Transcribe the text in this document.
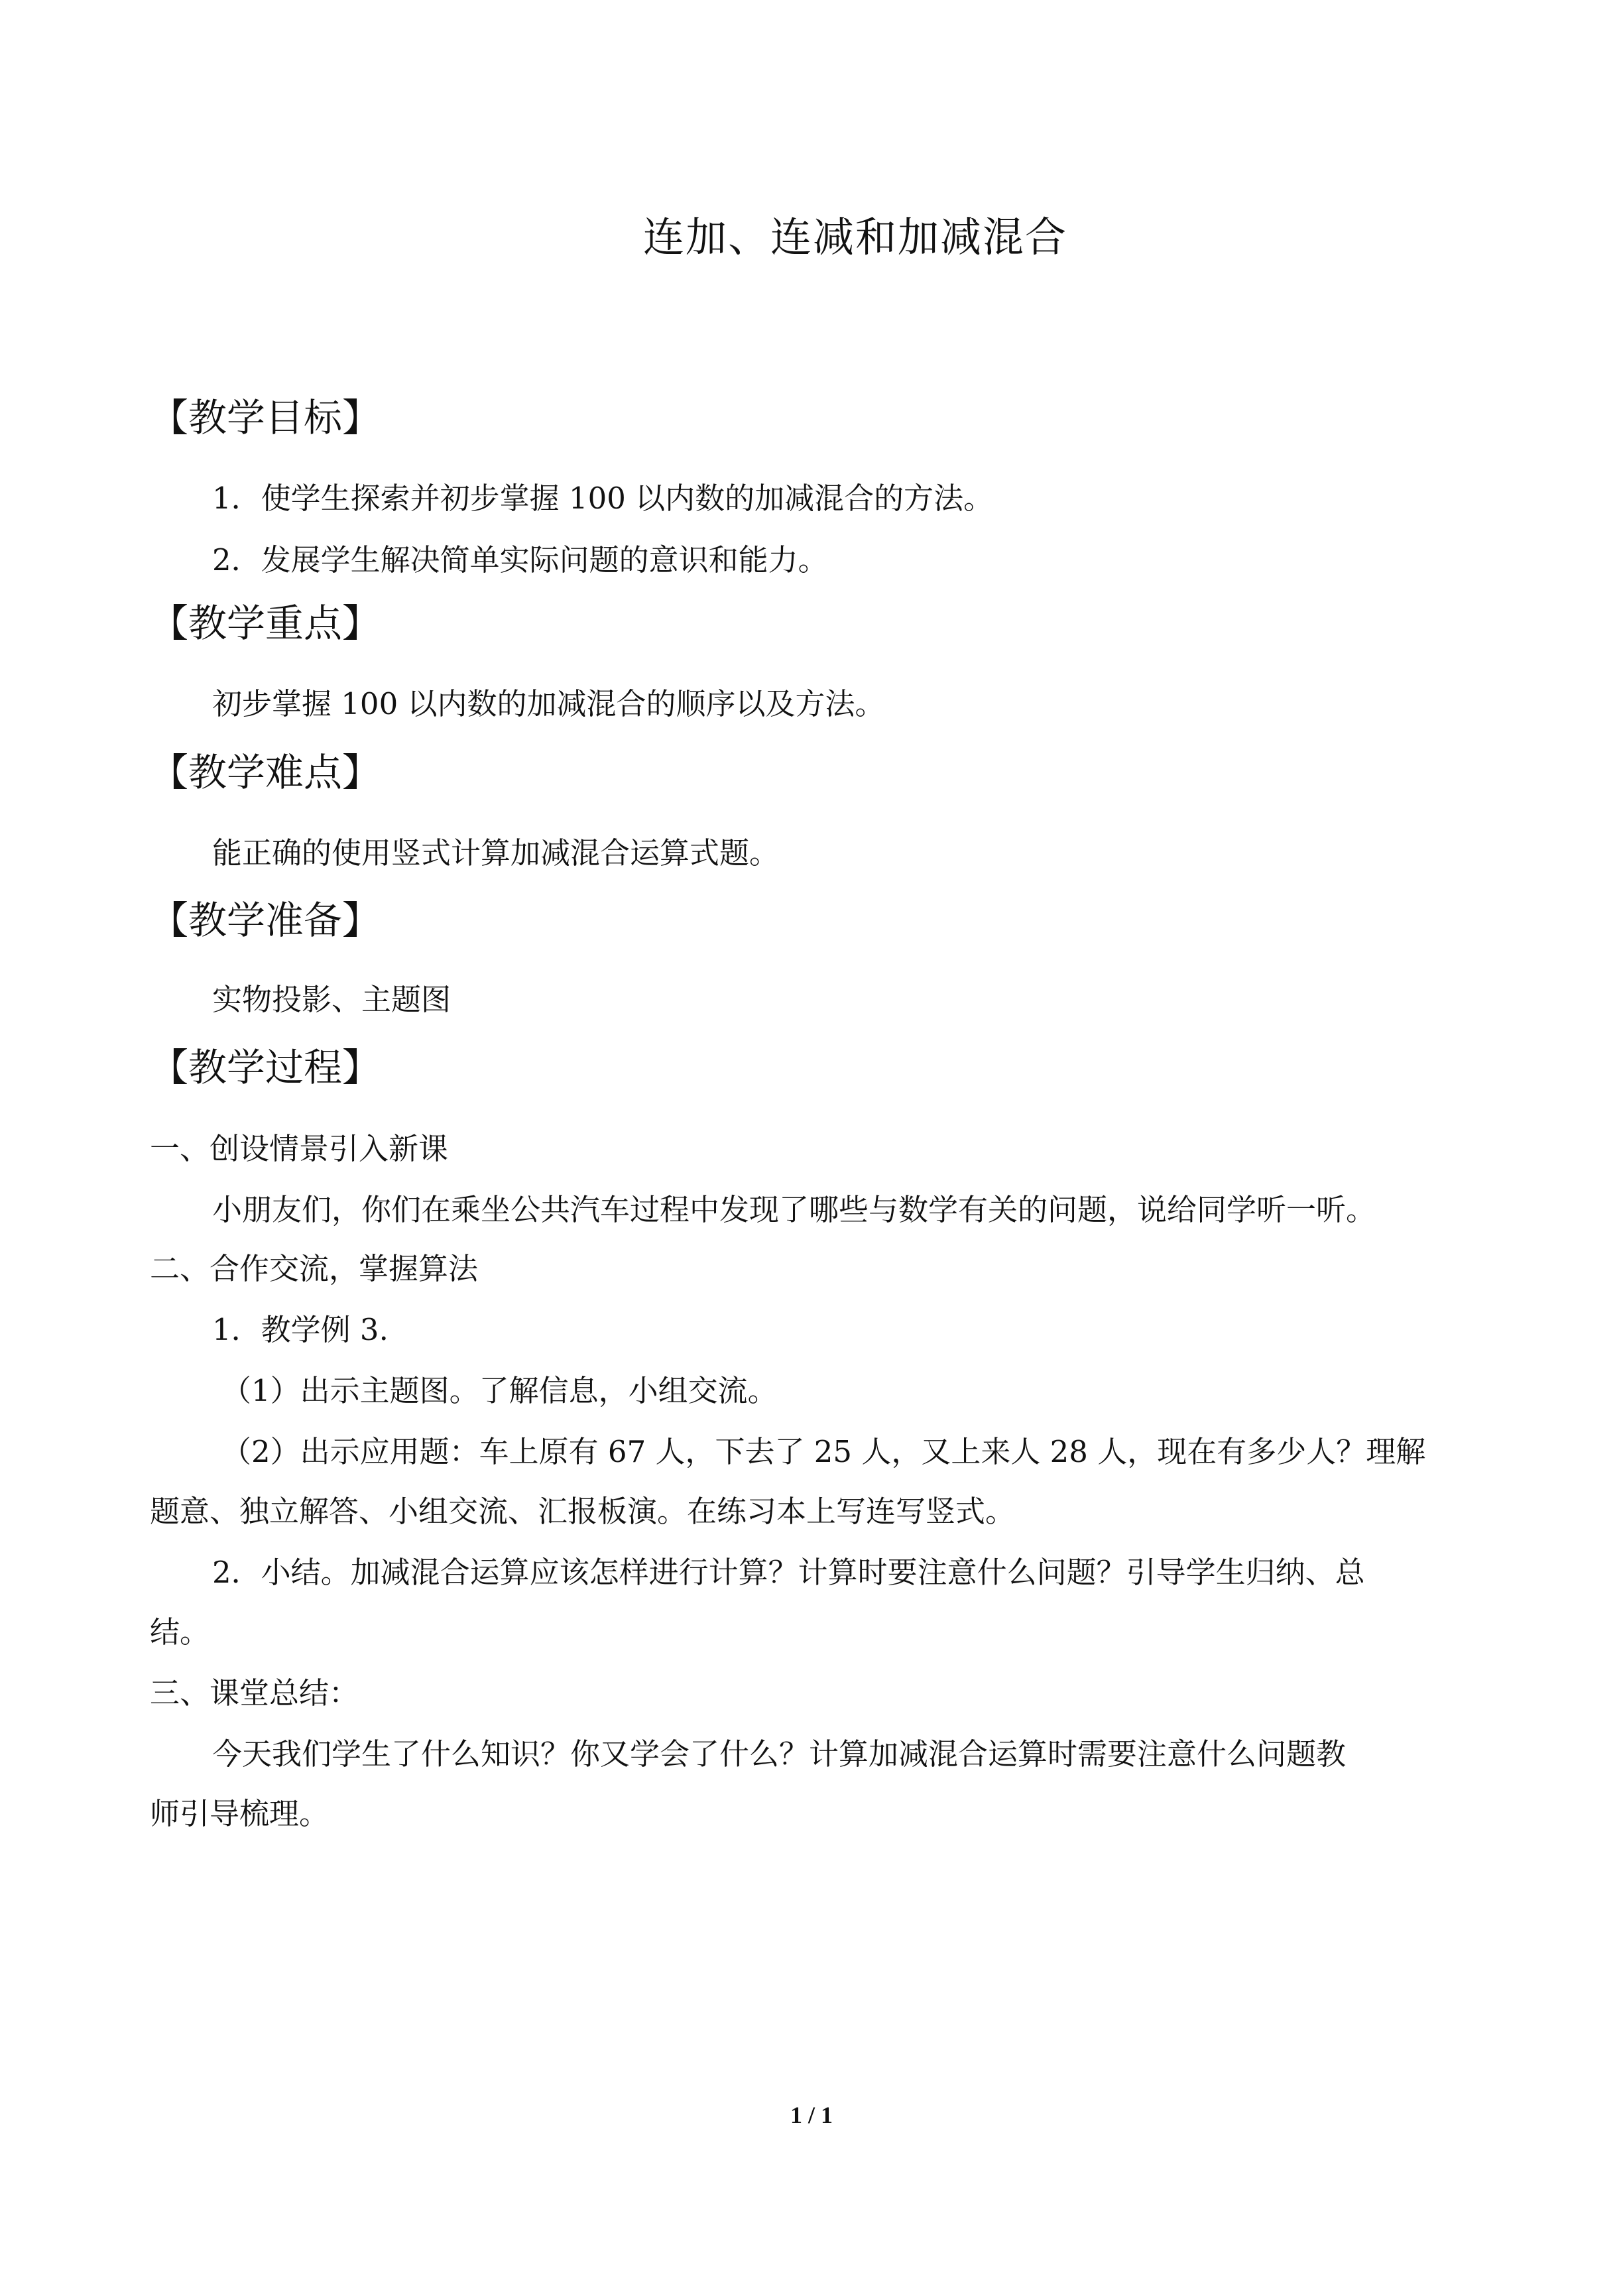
连加、连减和加减混合
【教学目标】
1．使学生探索并初步掌握 100 以内数的加减混合的方法。
2．发展学生解决简单实际问题的意识和能力。
【教学重点】
初步掌握 100 以内数的加减混合的顺序以及方法。
【教学难点】
能正确的使用竖式计算加减混合运算式题。
【教学准备】
实物投影、主题图
【教学过程】
一、创设情景引入新课
小朋友们，你们在乘坐公共汽车过程中发现了哪些与数学有关的问题，说给同学听一听。
二、合作交流，掌握算法
1．教学例 3.
（1）出示主题图。了解信息，小组交流。
（2）出示应用题：车上原有 67 人，下去了 25 人，又上来人 28 人，现在有多少人？理解
题意、独立解答、小组交流、汇报板演。在练习本上写连写竖式。
2．小结。加减混合运算应该怎样进行计算？计算时要注意什么问题？引导学生归纳、总
结。
三、课堂总结：
今天我们学生了什么知识？你又学会了什么？计算加减混合运算时需要注意什么问题教
师引导梳理。
1 / 1
